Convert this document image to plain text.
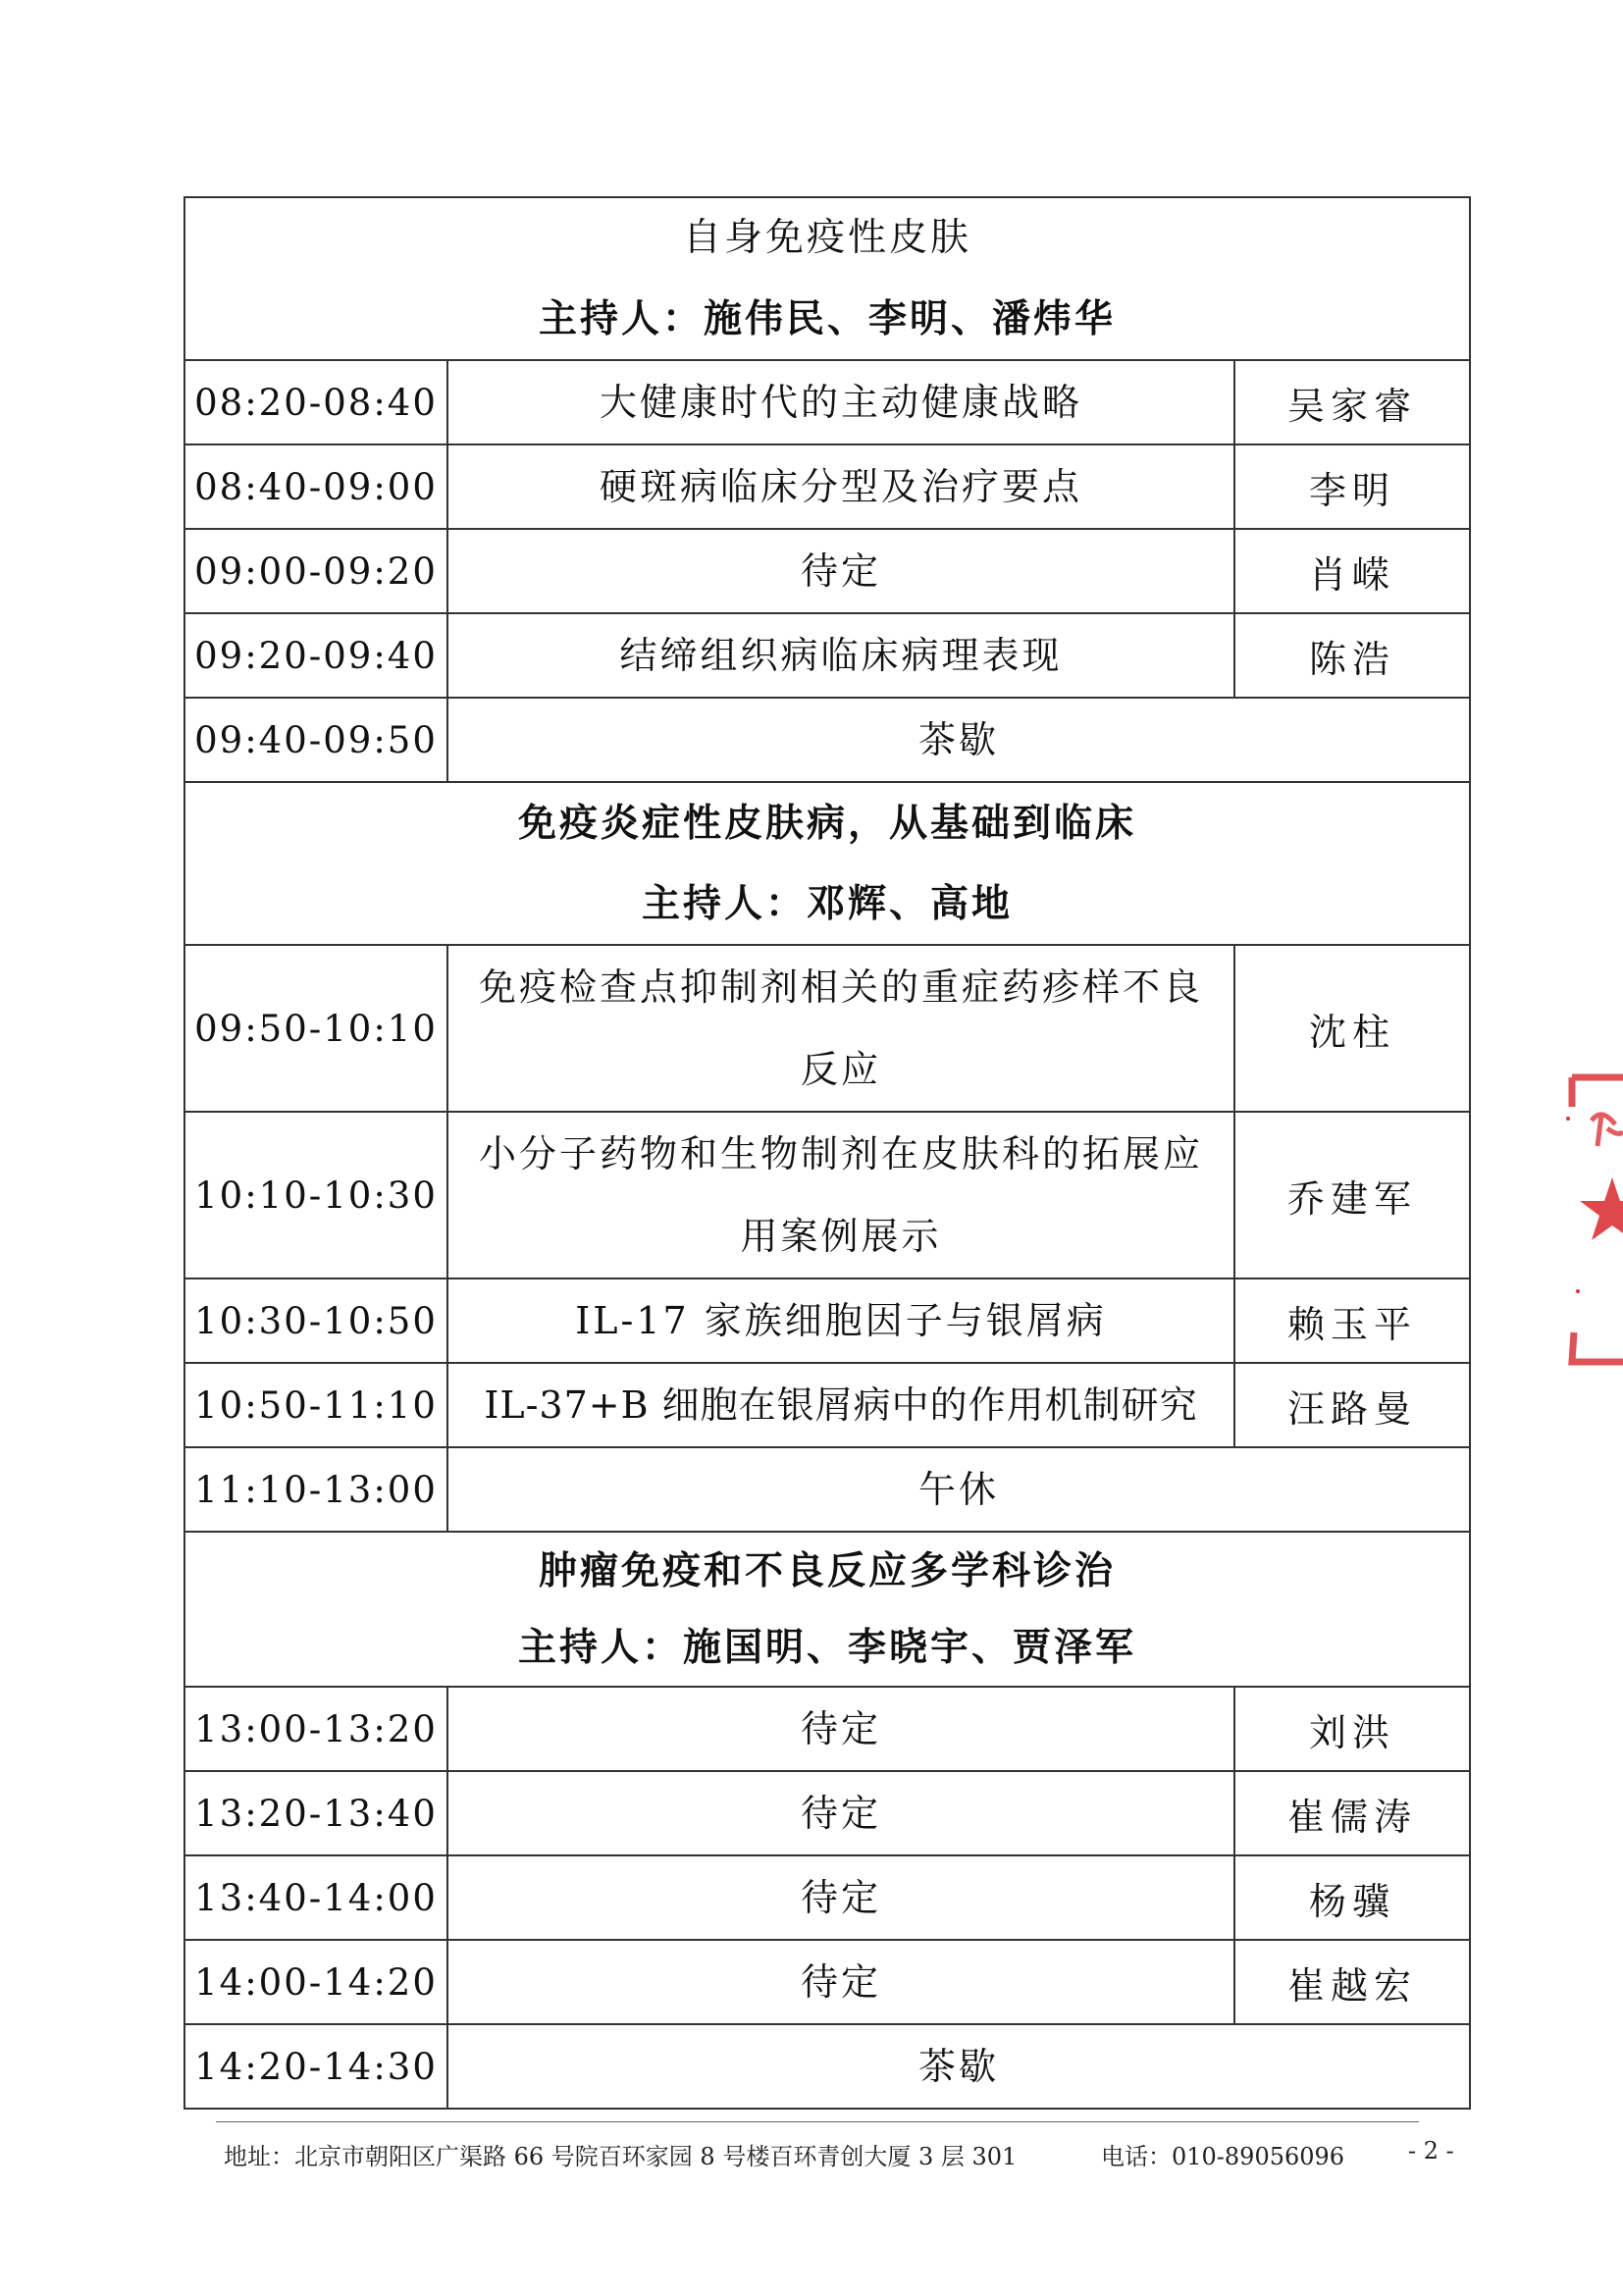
自身免疫性皮肤
主持人：施伟民、李明、潘炜华		

08:20-08:40	大健康时代的主动健康战略	吴家睿
08:40-09:00	硬斑病临床分型及治疗要点	李明
09:00-09:20	待定	肖嵘
09:20-09:40	结缔组织病临床病理表现	陈浩
09:40-09:50	茶歇	

免疫炎症性皮肤病，从基础到临床
主持人：邓辉、高地		

09:50-10:10	免疫检查点抑制剂相关的重症药疹样不良反应	沈柱
10:10-10:30	小分子药物和生物制剂在皮肤科的拓展应用案例展示	乔建军
10:30-10:50	IL-17 家族细胞因子与银屑病	赖玉平
10:50-11:10	IL-37+B 细胞在银屑病中的作用机制研究	汪路曼
11:10-13:00	午休	

肿瘤免疫和不良反应多学科诊治
主持人：施国明、李晓宇、贾泽军		

13:00-13:20	待定	刘洪
13:20-13:40	待定	崔儒涛
13:40-14:00	待定	杨骥
14:00-14:20	待定	崔越宏
14:20-14:30	茶歇	
地址：北京市朝阳区广渠路 66 号院百环家园 8 号楼百环青创大厦 3 层 301	电话：010-89056096	- 2 -
